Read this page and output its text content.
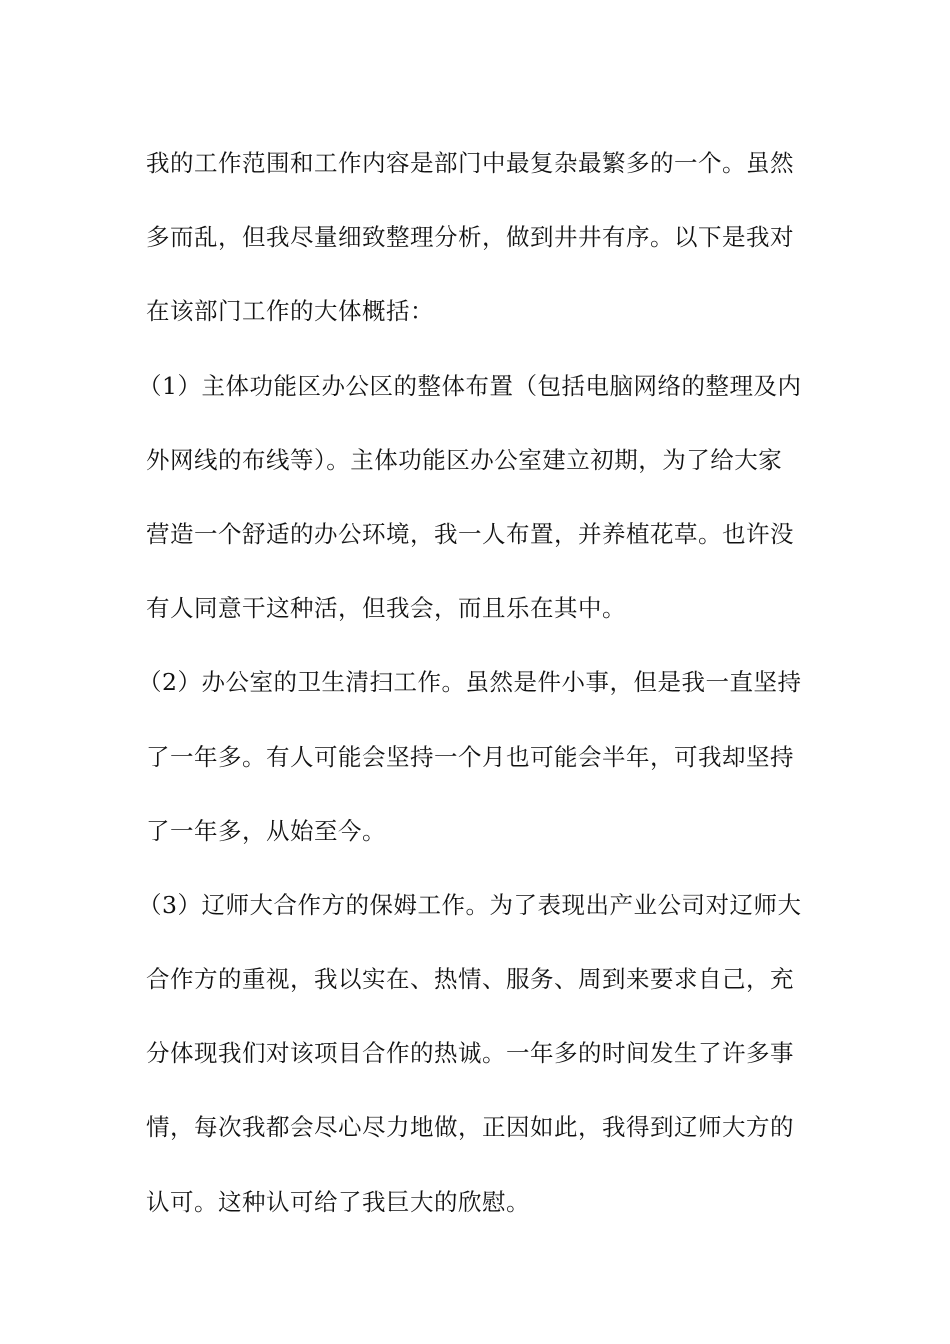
我的工作范围和工作内容是部门中最复杂最繁多的一个。虽然
多而乱，但我尽量细致整理分析，做到井井有序。以下是我对
在该部门工作的大体概括：
（1）主体功能区办公区的整体布置（包括电脑网络的整理及内
外网线的布线等）。主体功能区办公室建立初期，为了给大家
营造一个舒适的办公环境，我一人布置，并养植花草。也许没
有人同意干这种活，但我会，而且乐在其中。
（2）办公室的卫生清扫工作。虽然是件小事，但是我一直坚持
了一年多。有人可能会坚持一个月也可能会半年，可我却坚持
了一年多，从始至今。
（3）辽师大合作方的保姆工作。为了表现出产业公司对辽师大
合作方的重视，我以实在、热情、服务、周到来要求自己，充
分体现我们对该项目合作的热诚。一年多的时间发生了许多事
情，每次我都会尽心尽力地做，正因如此，我得到辽师大方的
认可。这种认可给了我巨大的欣慰。
